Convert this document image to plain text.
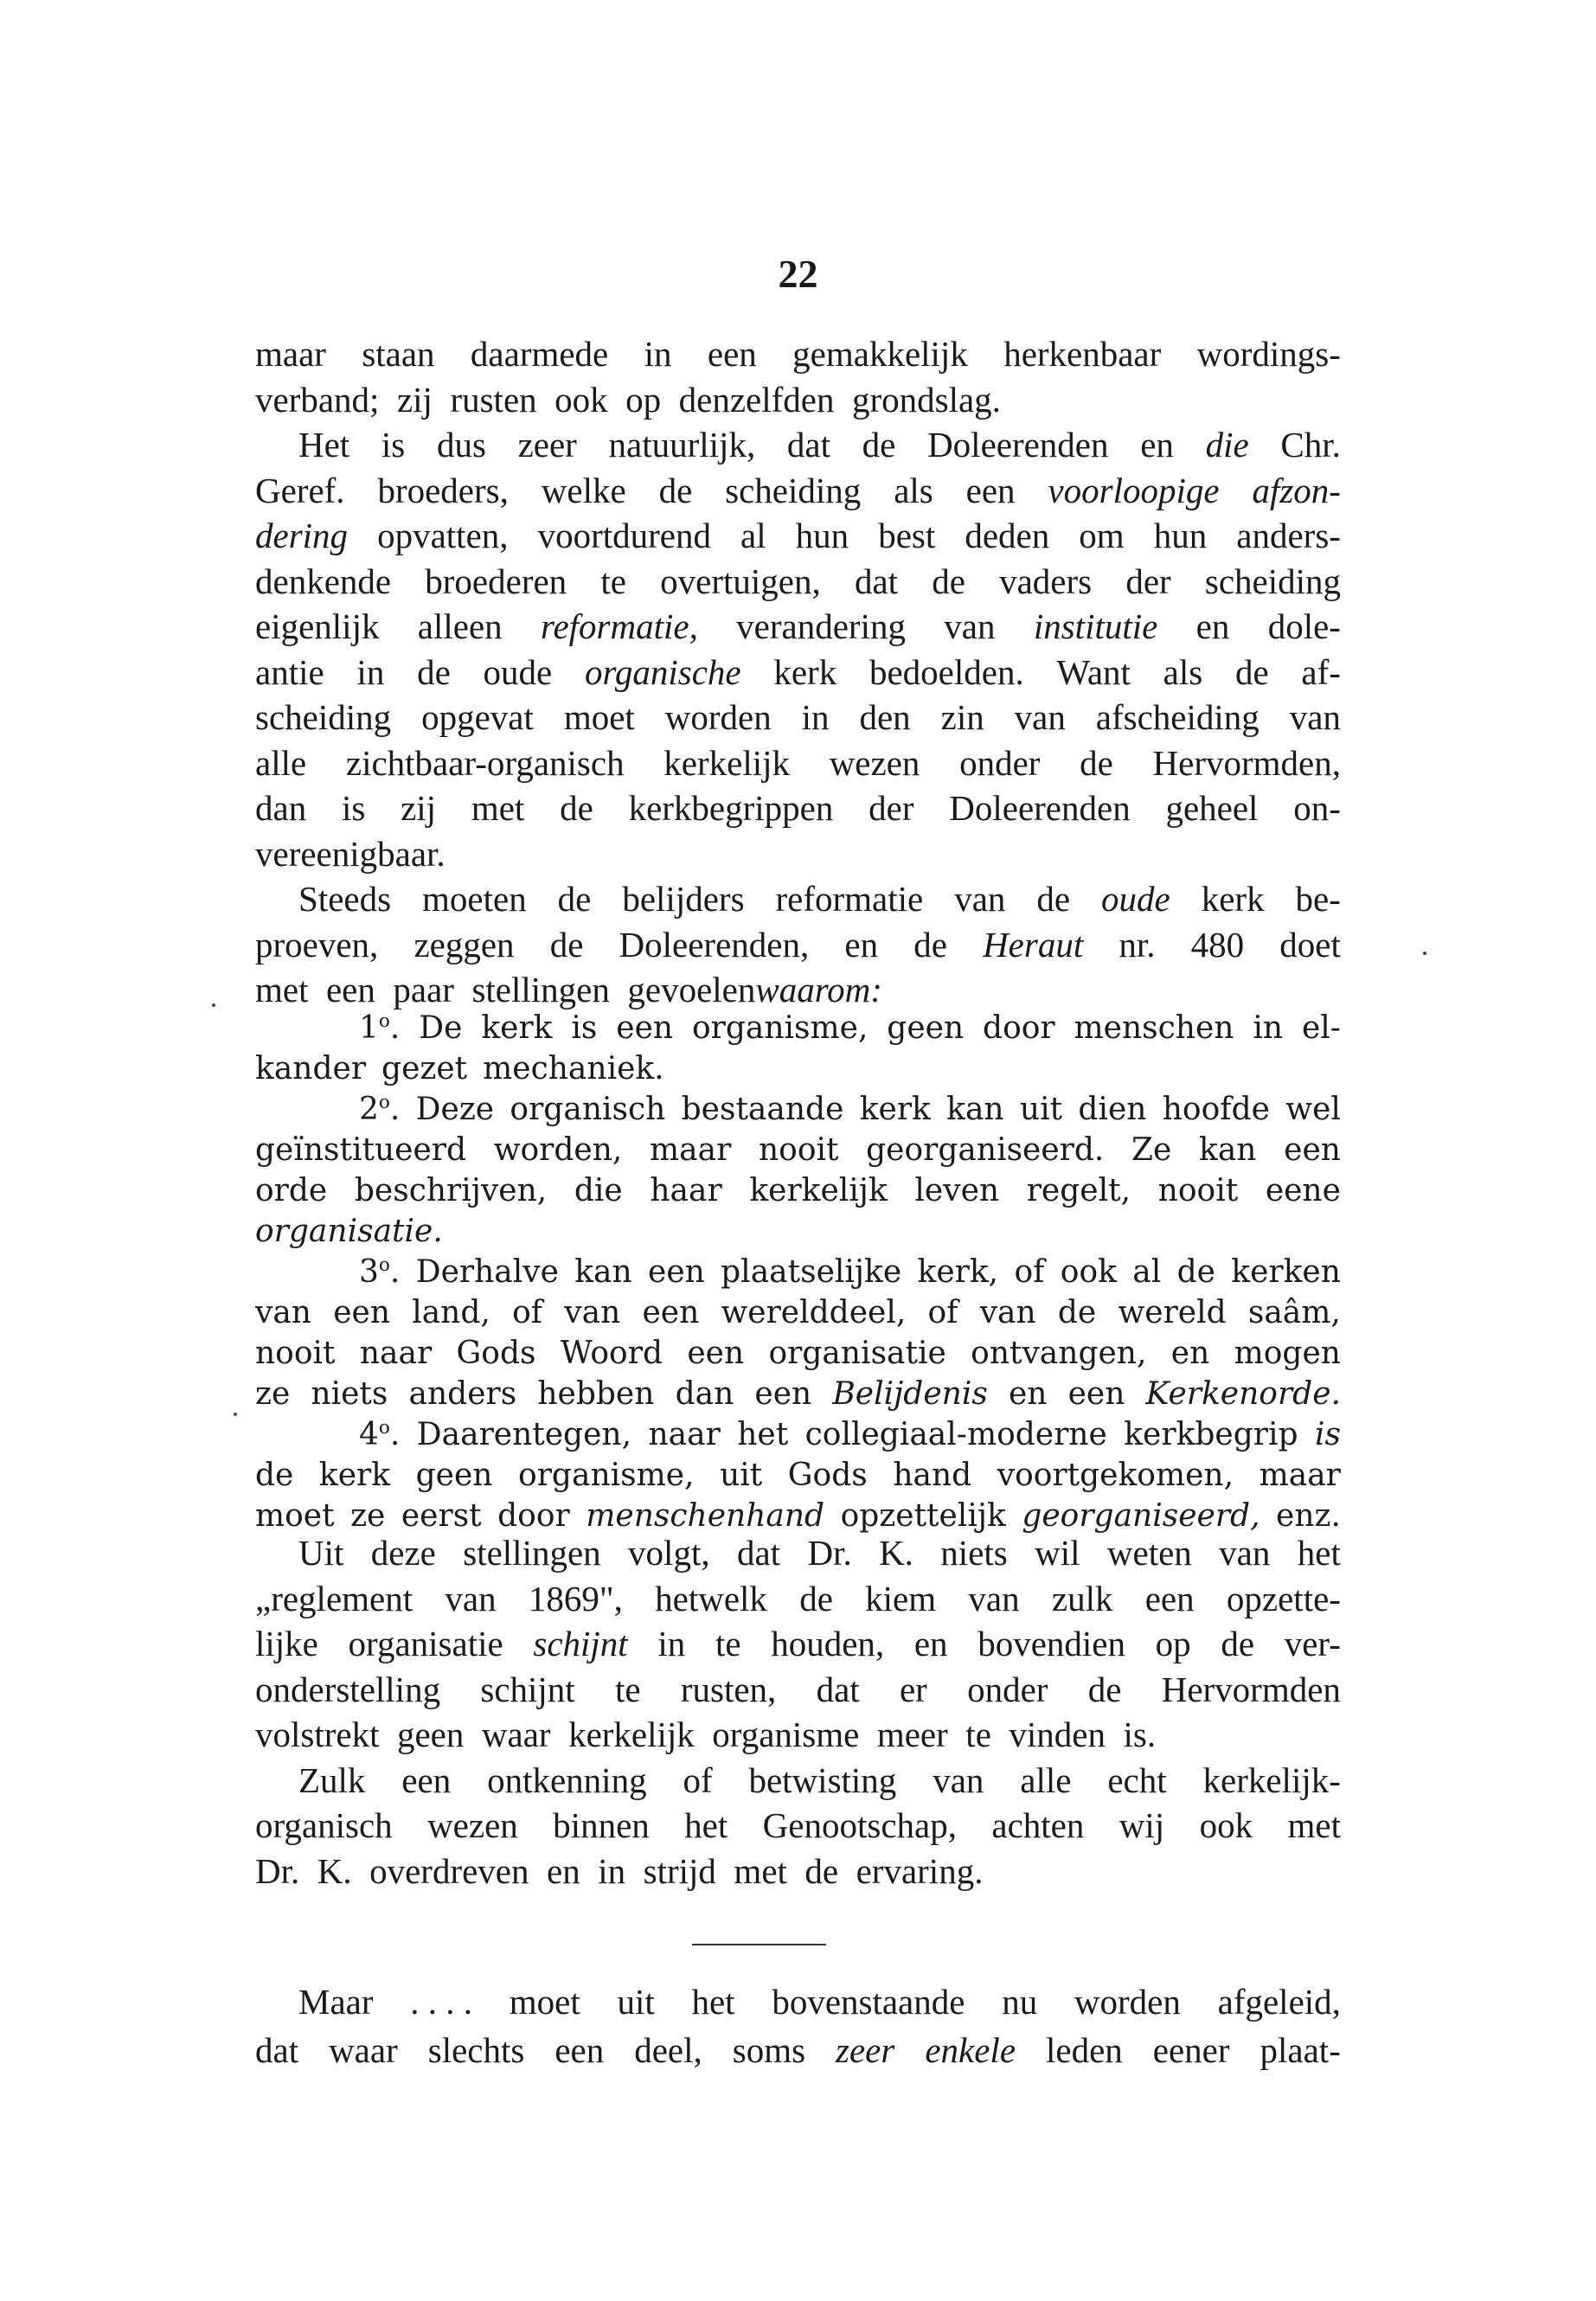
22
maar staan daarmede in een gemakkelijk herkenbaar wordings-
verband; zij rusten ook op denzelfden grondslag.
Het is dus zeer natuurlijk, dat de Doleerenden en die Chr.
Geref. broeders, welke de scheiding als een voorloopige afzon-
dering opvatten, voortdurend al hun best deden om hun anders-
denkende broederen te overtuigen, dat de vaders der scheiding
eigenlijk alleen reformatie, verandering van institutie en dole-
antie in de oude organische kerk bedoelden. Want als de af-
scheiding opgevat moet worden in den zin van afscheiding van
alle zichtbaar-organisch kerkelijk wezen onder de Hervormden,
dan is zij met de kerkbegrippen der Doleerenden geheel on-
vereenigbaar.
Steeds moeten de belijders reformatie van de oude kerk be-
proeven, zeggen de Doleerenden, en de Heraut nr. 480 doet
met een paar stellingen gevoelen waarom:
1$^o$. De kerk is een organisme, geen door menschen in el-
kander gezet mechaniek.
2$^o$. Deze organisch bestaande kerk kan uit dien hoofde wel
geïnstitueerd worden, maar nooit georganiseerd. Ze kan een
orde beschrijven, die haar kerkelijk leven regelt, nooit eene
organisatie.
3$^o$. Derhalve kan een plaatselijke kerk, of ook al de kerken
van een land, of van een werelddeel, of van de wereld saâm,
nooit naar Gods Woord een organisatie ontvangen, en mogen
ze niets anders hebben dan een Belijdenis en een Kerkenorde.
4$^o$. Daarentegen, naar het collegiaal-moderne kerkbegrip is
de kerk geen organisme, uit Gods hand voortgekomen, maar
moet ze eerst door menschenhand opzettelijk georganiseerd, enz.
Uit deze stellingen volgt, dat Dr. K. niets wil weten van het
„reglement van 1869", hetwelk de kiem van zulk een opzette-
lijke organisatie schijnt in te houden, en bovendien op de ver-
onderstelling schijnt te rusten, dat er onder de Hervormden
volstrekt geen waar kerkelijk organisme meer te vinden is.
Zulk een ontkenning of betwisting van alle echt kerkelijk-
organisch wezen binnen het Genootschap, achten wij ook met
Dr. K. overdreven en in strijd met de ervaring.
Maar . . . . moet uit het bovenstaande nu worden afgeleid,
dat waar slechts een deel, soms zeer enkele leden eener plaat-
